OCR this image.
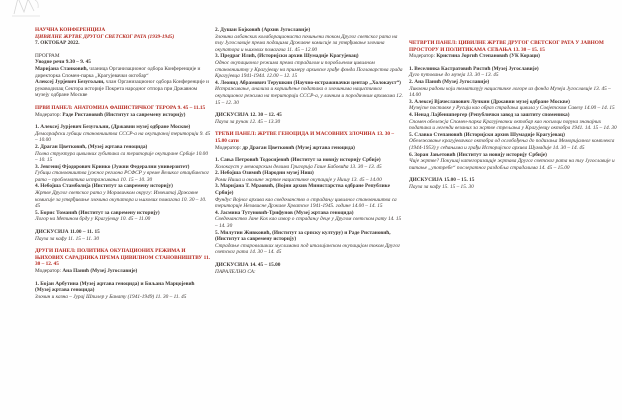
НАУЧНА КОНФЕРЕНЦИЈА

ЦИВИЛНЕ ЖРТВЕ ДРУГОГ СВЕТСКОГ РАТА (1939-1945)

7. ОКТОБАР 2022.

ПРОГРАМ

Уводне речи 9.30 – 9. 45

Маријана Станковић, чланица Организационог одбора Конференције и директорка Спомен-парка „Крагујевачки октобар“

Алексеј Јурјевич Безугољни, члан Организационог одбора Конференције и руководилац Сектора историје Покрета народног отпора при Државном музеју одбране Москве

ПРВИ ПАНЕЛ: АНАТОМИЈА ФАШИСТИЧКОГ ТЕРОРА 9. 45 – 11.15

Модератор: Раде Ристановић (Институт за савремену историју)

1. Алексеј Јурјевич Безугољни, (Државни музеј одбране Москве)

Демографски губици становништва СССР-а на окупираној територији 9. 45 – 10.00

2. Драган Цветковић, (Музеј жртава геноцида)

Полна структура цивилних губитака са територије окупиране Србије 10.00 – 10. 15

3. Јевгениј Фјодорович Кринко (Јужни Федерални универзитет)

Губици становништва јужног региона РСФСР у време Великог отаџбинског рата – проблематика истраживања 10. 15 – 10. 30

4. Небојша Стамболија (Институт за савремену историју)

Жртве Другог светског рата у Моравичком округу: Извештај Државне комисије за утврђивање злочина окупатора и њихових помагача 10. 30 – 10. 45

5. Борис Томанић (Институт за савремену историју)

Логор на Метином брду у Крагујевцу 10. 45 – 11.00

ДИСКУСИЈА 11.00 – 11. 15

Пауза за кафу 11. 15 – 11. 30

ДРУГИ ПАНЕЛ: ПОЛИТИКА ОКУПАЦИОНИХ РЕЖИМА И ЊИХОВИХ САРАДНИКА ПРЕМА ЦИВИЛНОМ СТАНОВНИШТВУ 11. 30 – 12. 45

Модератор: Ана Панић (Музеј Југославије)

1. Бојан Арбутина (Музеј жртава геноцида) и Биљана Марцојевић (Музеј жртава геноцида)

Злочин и казна – Јурај Шпилер у Банату (1941-1949) 11. 30 – 11. 45

2. Душан Бојковић (Архив Југославије)

Злочини албанских колаборациониста почињени током Другог светског рата на тлу Југославије према подацима Државне комисије за утврђивање злочина окупатора и њихових помагача 11. 45 – 12.00

3. Предраг Илић, (Историјски архив Шумадије Крагујевац)

Однос окупационог режима према страдалом и поробљеном цивилном становништву у Крагујевцу на примеру архивске грађе фонда Поглаварства града Крагујевца 1941-1944. 12.00 – 12. 15

4. Леонид Абрамович Терушкин (Научно-истраживачки центар „Холокауст“)

Истраживање, анализа и коришћење података о злочинима нацистичког окупационог режима на територији СССР-а, у личним и породичним архивама 12. 15 – 12. 30

ДИСКУСИЈА 12. 30 – 12. 45

Пауза за ручак 12. 45 – 13.30

ТРЕЋИ ПАНЕЛ: ЖРТВЕ ГЕНОЦИДА И МАСОВНИХ ЗЛОЧИНА 13. 30 – 15.00 сати

Модератор: др Драган Цветковић (Музеј жртава геноцида)

1. Сања Петровић Тодосијевић (Институт за новију историју Србије)

Холокауст у мемоарским делима Григорија Гаше Бабовића 13. 30 – 13. 45

2. Небојша Озимић (Народни музеј Ниш)

Роми Ниша и околине жртве нацистичке окупације у Нишу 13. 45 – 14.00

3. Маријана Т. Мраовић, (Војни архив Министарства одбране Републике Србије)

Фундус Војног архива као сведочанство о страдању цивилног становништва са територије Независне Државе Хрватске 1941-1945. године 14.00 – 14. 15

4. Јасмина Тутуновић-Трифунов (Музеј жртава геноцида)

Сведочанство Јане Кох као извор о страдању деце у Другом светском рату 14. 15 – 14. 30

5. Милутин Живковић, (Институт за српску културу) и Раде Ристановић, (Институт за савремену историју)

Страдање старовлашких муслимана под италијанском окупацијом током Другог светског рата 14. 30 – 14. 45

ДИСКУСИЈА 14. 45 – 15.00

ПАРАЛЕЛНО СА:

ЧЕТВРТИ ПАНЕЛ: ЦИВИЛНЕ ЖРТВЕ ДРУГОГ СВЕТСКОГ РАТА У ЈАВНОМ ПРОСТОРУ И ПОЛИТИКАМА СЕЋАЊА 13. 30 – 15. 15

Модератор: Кристина Јоргић Степановић (УК Кораци)

1. Веселинка Кастратовић Ристић (Музеј Југославије)

Дуго путовање до музеја 13. 30 – 13. 45

2. Ана Панић (Музеј Југославије)

Ликовни радови који тематизују нацистичке логоре из фонда Музеја Југославије 13. 45 – 14.00

3. Алексеј Вјачеславович Лучкин (Државни музеј одбране Москве)

Музејске поставке у Русији као образ страдања цивила у Совјетском Савезу 14.00 – 14. 15

4. Ненад Лајбеншпергер (Републички завод за заштиту споменика)

Спомен обележја Спомен-парка Крагујевачки октобар као носиоци порука значајних података и легенди везаних за жртве стрељања у Крагујевцу октобра 1941. 14. 15 – 14. 30

5. Славко Степановић (Историјски архив Шумадије Крагујевац)

Обележавање крагујевачког октобра од ослобођења до подизања Меморијалног комплекса (1944-1953) у сећањима и грађи Историјског архива Шумадије 14. 30 – 14. 45

6. Зоран Јањетовић (Институт за новију историју Србије)

Чије жртве? Покушај категоризације жртава Другог светског рата на тлу Југославије и питање „употребе“ послератног раздобља страдалима 14. 45 – 15.00

ДИСКУСИЈА 15.00 – 15. 15

Пауза за кафу 15. 15 – 15. 30
